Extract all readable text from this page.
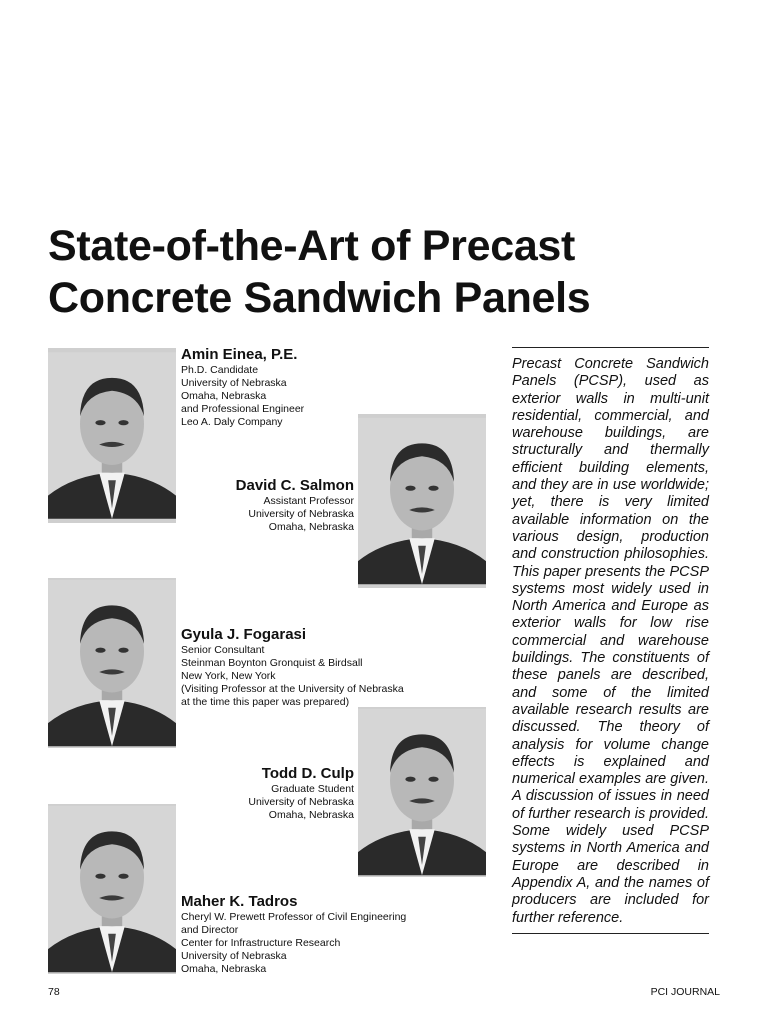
State-of-the-Art of Precast
Concrete Sandwich Panels
Amin Einea, P.E.
Ph.D. Candidate
University of Nebraska
Omaha, Nebraska
and Professional Engineer
Leo A. Daly Company
David C. Salmon
Assistant Professor
University of Nebraska
Omaha, Nebraska
Gyula J. Fogarasi
Senior Consultant
Steinman Boynton Gronquist & Birdsall
New York, New York
(Visiting Professor at the University of Nebraska
at the time this paper was prepared)
Todd D. Culp
Graduate Student
University of Nebraska
Omaha, Nebraska
Maher K. Tadros
Cheryl W. Prewett Professor of Civil Engineering
and Director
Center for Infrastructure Research
University of Nebraska
Omaha, Nebraska
Precast Concrete Sandwich Panels (PCSP), used as exterior walls in multi-unit residential, commercial, and warehouse buildings, are structurally and thermally efficient building elements, and they are in use worldwide; yet, there is very limited available information on the various design, production and construction philosophies. This paper presents the PCSP systems most widely used in North America and Europe as exterior walls for low rise commercial and warehouse buildings. The constituents of these panels are described, and some of the limited available research results are discussed. The theory of analysis for volume change effects is explained and numerical examples are given. A discussion of issues in need of further research is provided. Some widely used PCSP systems in North America and Europe are described in Appendix A, and the names of producers are included for further reference.
78	PCI JOURNAL
